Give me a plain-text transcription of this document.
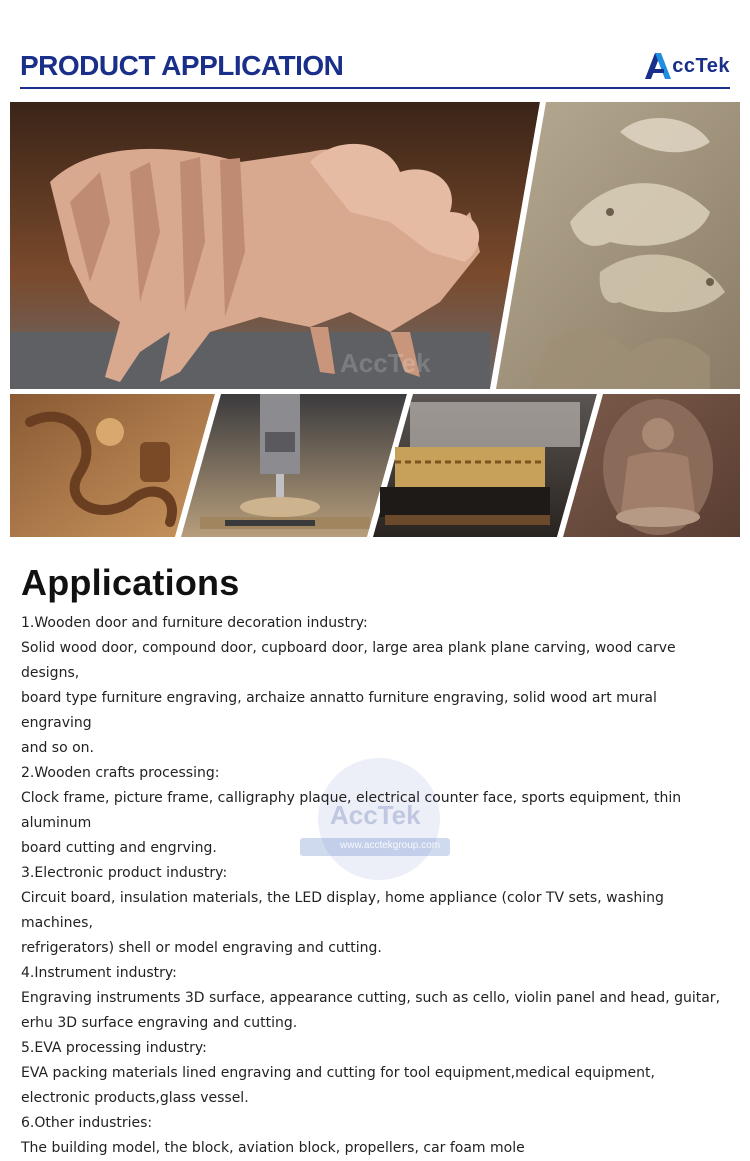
PRODUCT APPLICATION	ccTek
AccTek
AccTek
www.acctekgroup.com
Applications

1.Wooden door and furniture decoration industry:

Solid wood door, compound door, cupboard door, large area plank plane carving, wood carve designs,

board type furniture engraving, archaize annatto furniture engraving, solid wood art mural engraving

and so on.

2.Wooden crafts processing:

Clock frame, picture frame, calligraphy plaque, electrical counter face, sports equipment, thin aluminum

board cutting and engrving.

3.Electronic product industry:

Circuit board, insulation materials, the LED display, home appliance (color TV sets, washing machines,

refrigerators) shell or model engraving and cutting.

4.Instrument industry:

Engraving instruments 3D surface, appearance cutting, such as cello, violin panel and head, guitar,

erhu 3D surface engraving and cutting.

5.EVA processing industry:

EVA packing materials lined engraving and cutting for tool equipment,medical equipment,

electronic products,glass vessel.

6.Other industries:

The building model, the block, aviation block, propellers, car foam mole
